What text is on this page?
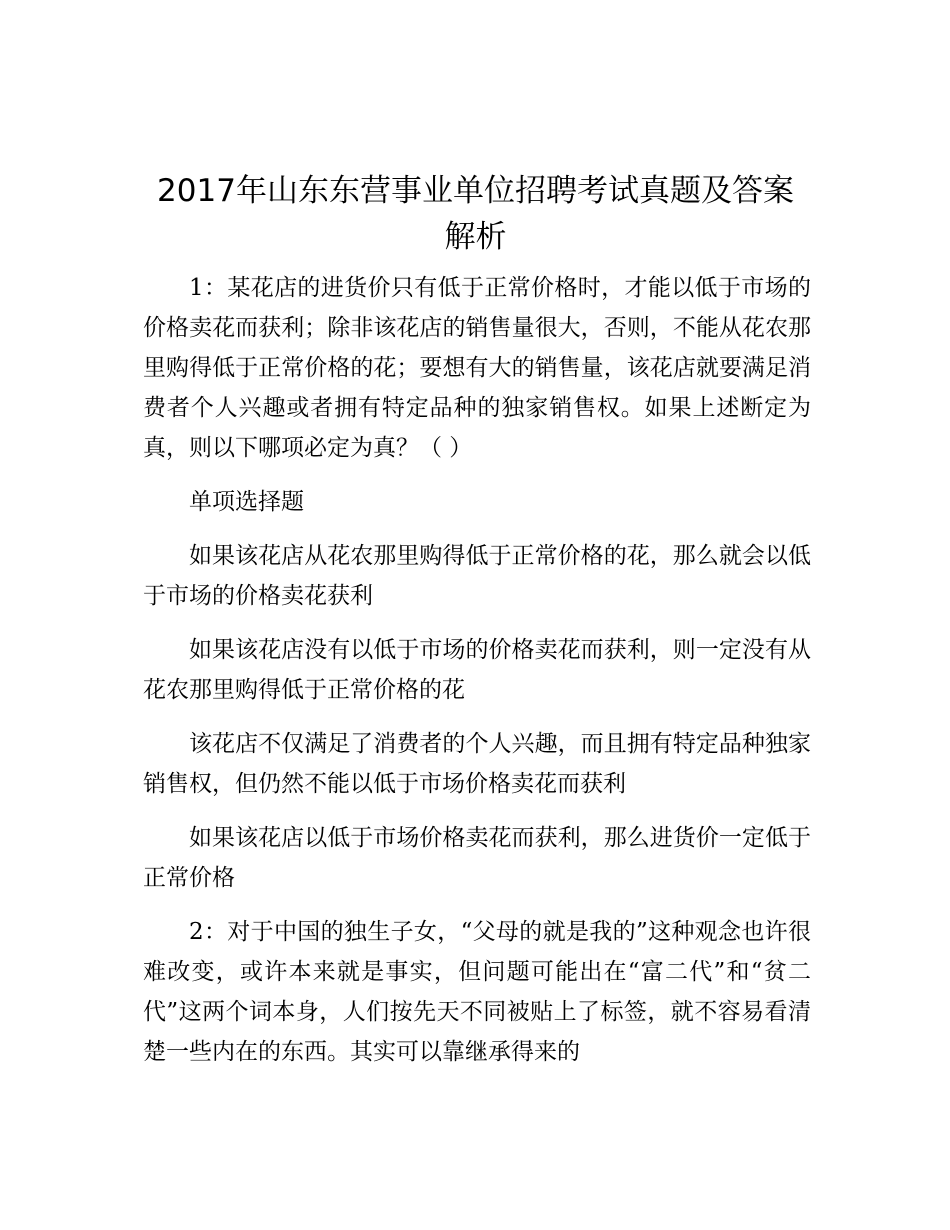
2017年山东东营事业单位招聘考试真题及答案解析

1：某花店的进货价只有低于正常价格时，才能以低于市场的价格卖花而获利；除非该花店的销售量很大，否则，不能从花农那里购得低于正常价格的花；要想有大的销售量，该花店就要满足消费者个人兴趣或者拥有特定品种的独家销售权。如果上述断定为真，则以下哪项必定为真？（ ）

单项选择题

如果该花店从花农那里购得低于正常价格的花，那么就会以低于市场的价格卖花获利

如果该花店没有以低于市场的价格卖花而获利，则一定没有从花农那里购得低于正常价格的花

该花店不仅满足了消费者的个人兴趣，而且拥有特定品种独家销售权，但仍然不能以低于市场价格卖花而获利

如果该花店以低于市场价格卖花而获利，那么进货价一定低于正常价格

2：对于中国的独生子女，“父母的就是我的”这种观念也许很难改变，或许本来就是事实，但问题可能出在“富二代”和“贫二代”这两个词本身，人们按先天不同被贴上了标签，就不容易看清楚一些内在的东西。其实可以靠继承得来的
